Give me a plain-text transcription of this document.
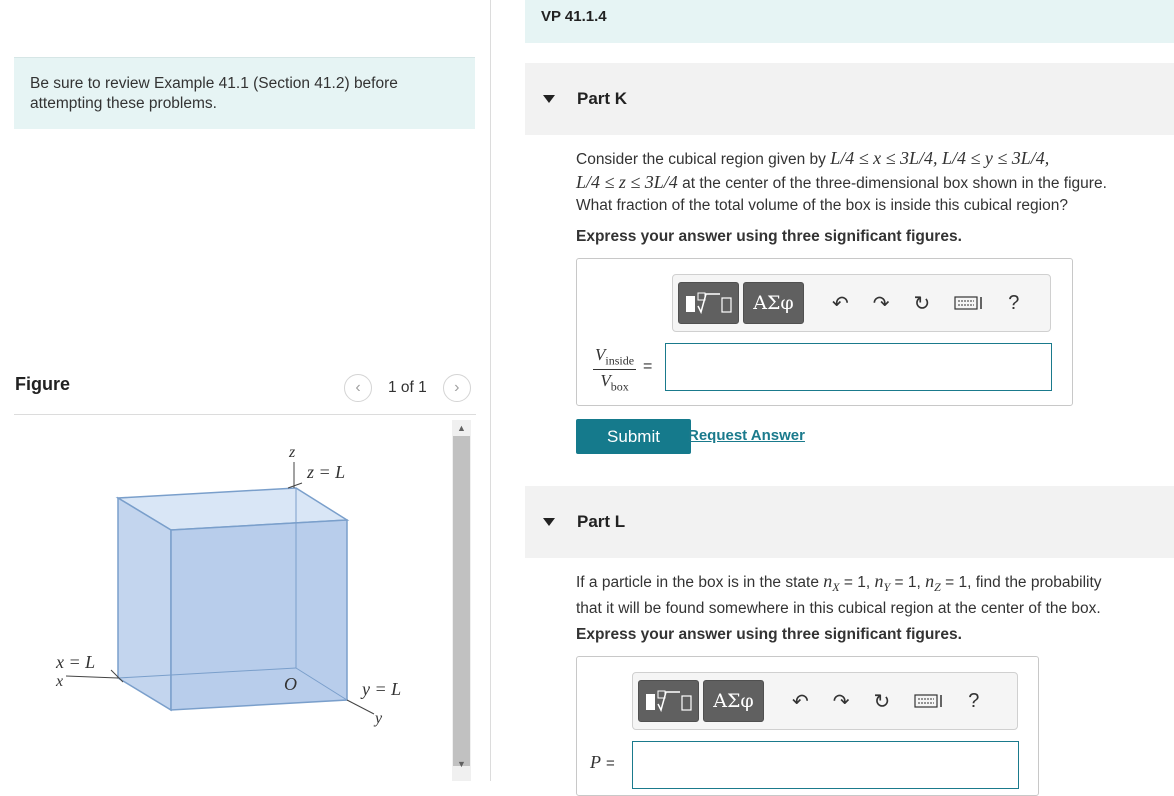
Be sure to review Example 41.1 (Section 41.2) before attempting these problems.
Figure	‹ 1 of 1 ›
z
z = L
x = L
x	O	y = L
y
▲
▼
VP 41.1.4
Part K
Consider the cubical region given by L/4 ≤ x ≤ 3L/4, L/4 ≤ y ≤ 3L/4,
L/4 ≤ z ≤ 3L/4 at the center of the three-dimensional box shown in the figure.
What fraction of the total volume of the box is inside this cubical region?
Express your answer using three significant figures.
ΑΣφ	↶ ↷ ↻	?
$V_{inside}$
$V_{box}$
=
Submit	Request Answer
Part L
If a particle in the box is in the state $n_X = 1$, $n_Y = 1$, $n_Z = 1$, find the probability
that it will be found somewhere in this cubical region at the center of the box.
Express your answer using three significant figures.
ΑΣφ	↶ ↷ ↻	?
P =
